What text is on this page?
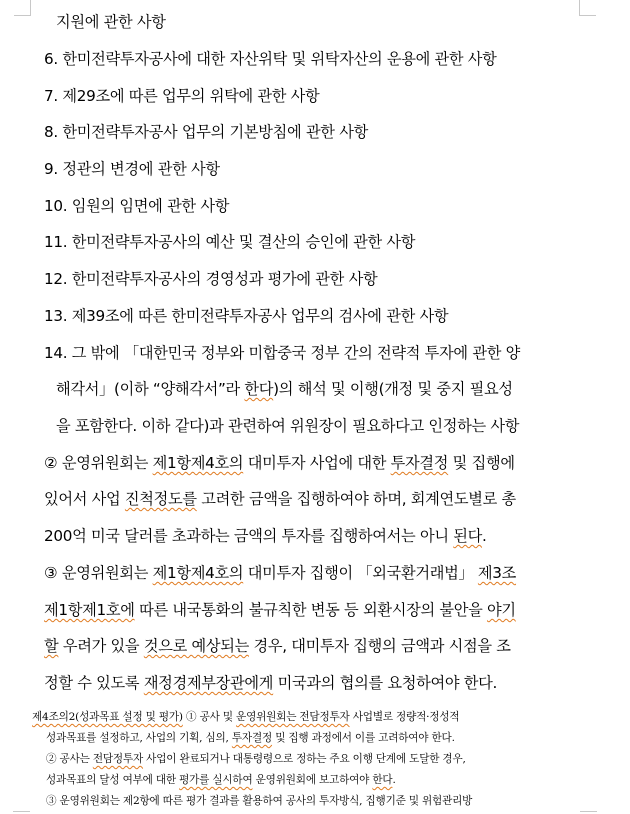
지원에 관한 사항
6. 한미전략투자공사에 대한 자산위탁 및 위탁자산의 운용에 관한 사항
7. 제29조에 따른 업무의 위탁에 관한 사항
8. 한미전략투자공사 업무의 기본방침에 관한 사항
9. 정관의 변경에 관한 사항
10. 임원의 임면에 관한 사항
11. 한미전략투자공사의 예산 및 결산의 승인에 관한 사항
12. 한미전략투자공사의 경영성과 평가에 관한 사항
13. 제39조에 따른 한미전략투자공사 업무의 검사에 관한 사항
14. 그 밖에 「대한민국 정부와 미합중국 정부 간의 전략적 투자에 관한 양
해각서」(이하 “양해각서”라 한다)의 해석 및 이행(개정 및 중지 필요성
을 포함한다. 이하 같다)과 관련하여 위원장이 필요하다고 인정하는 사항
② 운영위원회는 제1항제4호의 대미투자 사업에 대한 투자결정 및 집행에
있어서 사업 진척정도를 고려한 금액을 집행하여야 하며, 회계연도별로 총
200억 미국 달러를 초과하는 금액의 투자를 집행하여서는 아니 된다.
③ 운영위원회는 제1항제4호의 대미투자 집행이 「외국환거래법」 제3조
제1항제1호에 따른 내국통화의 불규칙한 변동 등 외환시장의 불안을 야기
할 우려가 있을 것으로 예상되는 경우, 대미투자 집행의 금액과 시점을 조
정할 수 있도록 재정경제부장관에게 미국과의 협의를 요청하여야 한다.
제4조의2(성과목표 설정 및 평가) ① 공사 및 운영위원회는 전담정투자 사업별로 정량적·정성적
성과목표를 설정하고, 사업의 기획, 심의, 투자결정 및 집행 과정에서 이를 고려하여야 한다.
② 공사는 전담정투자 사업이 완료되거나 대통령령으로 정하는 주요 이행 단계에 도달한 경우,
성과목표의 달성 여부에 대한 평가를 실시하여 운영위원회에 보고하여야 한다.
③ 운영위원회는 제2항에 따른 평가 결과를 활용하여 공사의 투자방식, 집행기준 및 위험관리방
